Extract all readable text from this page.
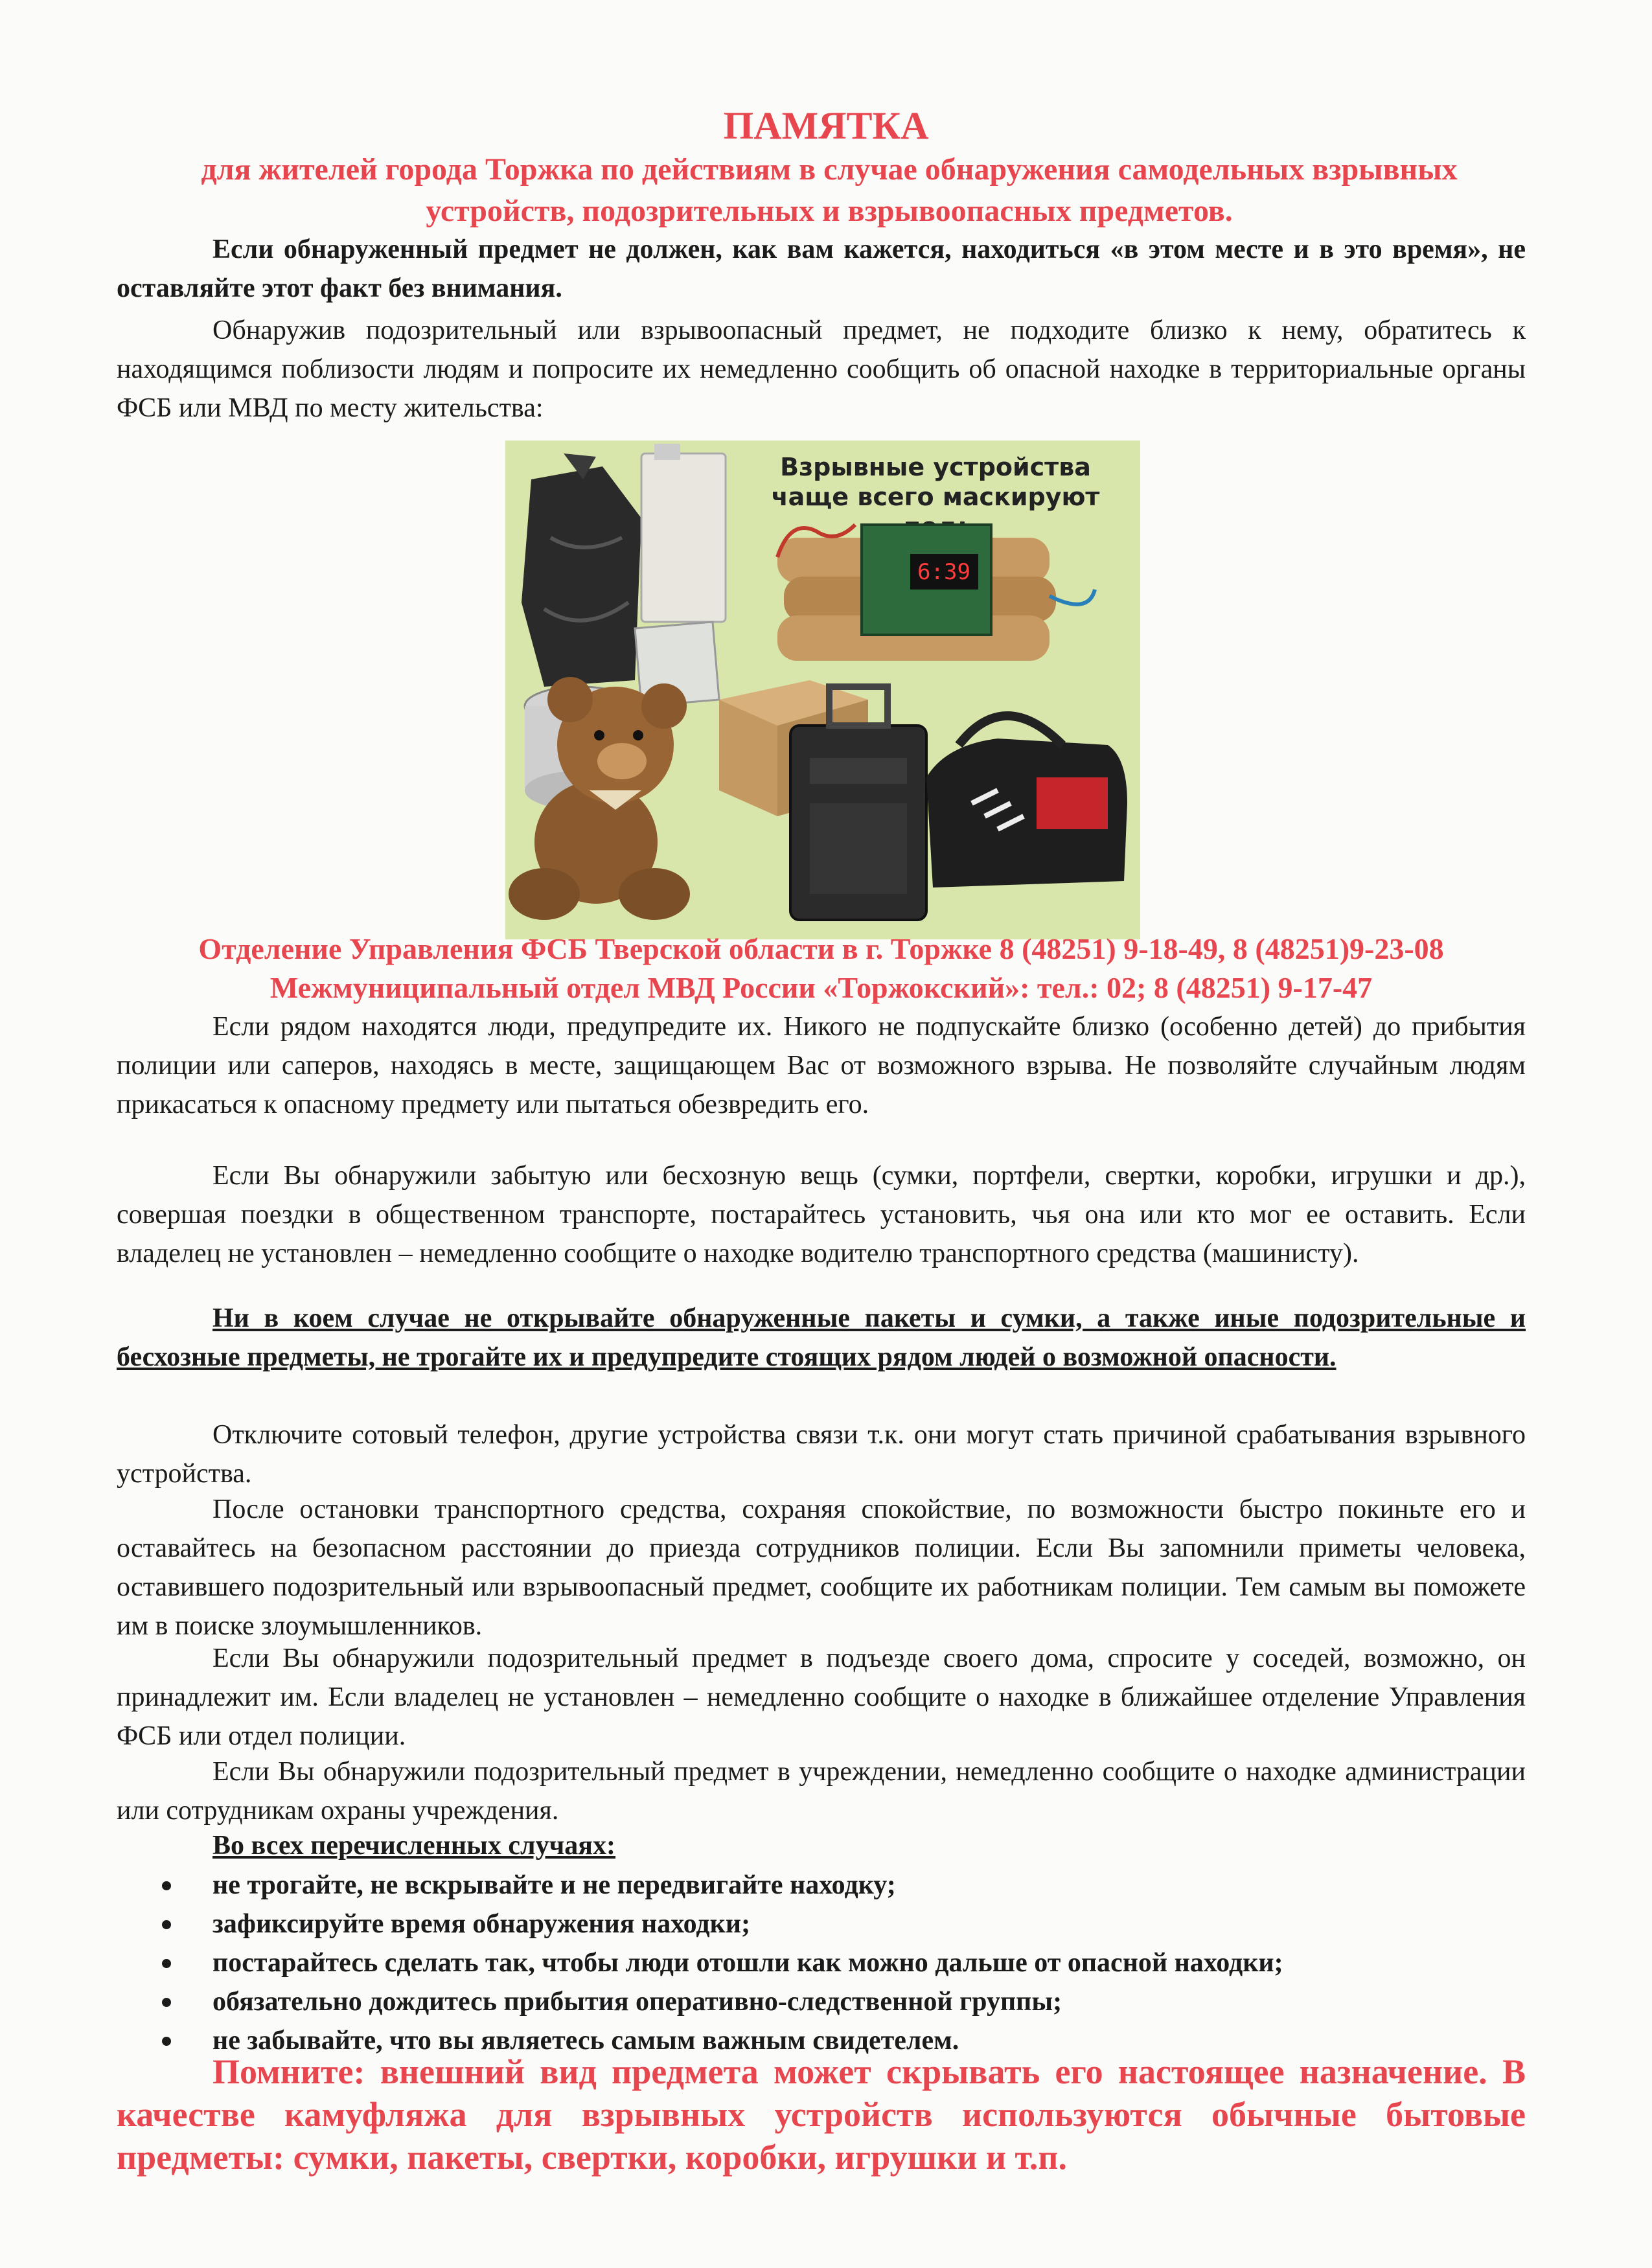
ПАМЯТКА
для жителей города Торжка по действиям в случае обнаружения самодельных взрывных устройств, подозрительных и взрывоопасных предметов.

Если обнаруженный предмет не должен, как вам кажется, находиться «в этом месте и в это время», не оставляйте этот факт без внимания.

Обнаружив подозрительный или взрывоопасный предмет, не подходите близко к нему, обратитесь к находящимся поблизости людям и попросите их немедленно сообщить об опасной находке в территориальные органы ФСБ или МВД по месту жительства:

Взрывные устройства
чаще всего маскируют
6:39
Отделение Управления ФСБ Тверской области в г. Торжке 8 (48251) 9-18-49, 8 (48251)9-23-08
Межмуниципальный отдел МВД России «Торжокский»: тел.: 02; 8 (48251) 9-17-47

Если рядом находятся люди, предупредите их. Никого не подпускайте близко (особенно детей) до прибытия полиции или саперов, находясь в месте, защищающем Вас от возможного взрыва. Не позволяйте случайным людям прикасаться к опасному предмету или пытаться обезвредить его.

Если Вы обнаружили забытую или бесхозную вещь (сумки, портфели, свертки, коробки, игрушки и др.), совершая поездки в общественном транспорте, постарайтесь установить, чья она или кто мог ее оставить. Если владелец не установлен – немедленно сообщите о находке водителю транспортного средства (машинисту).

Ни в коем случае не открывайте обнаруженные пакеты и сумки, а также иные подозрительные и бесхозные предметы, не трогайте их и предупредите стоящих рядом людей о возможной опасности.

Отключите сотовый телефон, другие устройства связи т.к. они могут стать причиной срабатывания взрывного устройства.

После остановки транспортного средства, сохраняя спокойствие, по возможности быстро покиньте его и оставайтесь на безопасном расстоянии до приезда сотрудников полиции. Если Вы запомнили приметы человека, оставившего подозрительный или взрывоопасный предмет, сообщите их работникам полиции. Тем самым вы поможете им в поиске злоумышленников.

Если Вы обнаружили подозрительный предмет в подъезде своего дома, спросите у соседей, возможно, он принадлежит им. Если владелец не установлен – немедленно сообщите о находке в ближайшее отделение Управления ФСБ или отдел полиции.

Если Вы обнаружили подозрительный предмет в учреждении, немедленно сообщите о находке администрации или сотрудникам охраны учреждения.

Во всех перечисленных случаях:
не трогайте, не вскрывайте и не передвигайте находку;
зафиксируйте время обнаружения находки;
постарайтесь сделать так, чтобы люди отошли как можно дальше от опасной находки;
обязательно дождитесь прибытия оперативно-следственной группы;
не забывайте, что вы являетесь самым важным свидетелем.

Помните: внешний вид предмета может скрывать его настоящее назначение. В качестве камуфляжа для взрывных устройств используются обычные бытовые предметы: сумки, пакеты, свертки, коробки, игрушки и т.п.
